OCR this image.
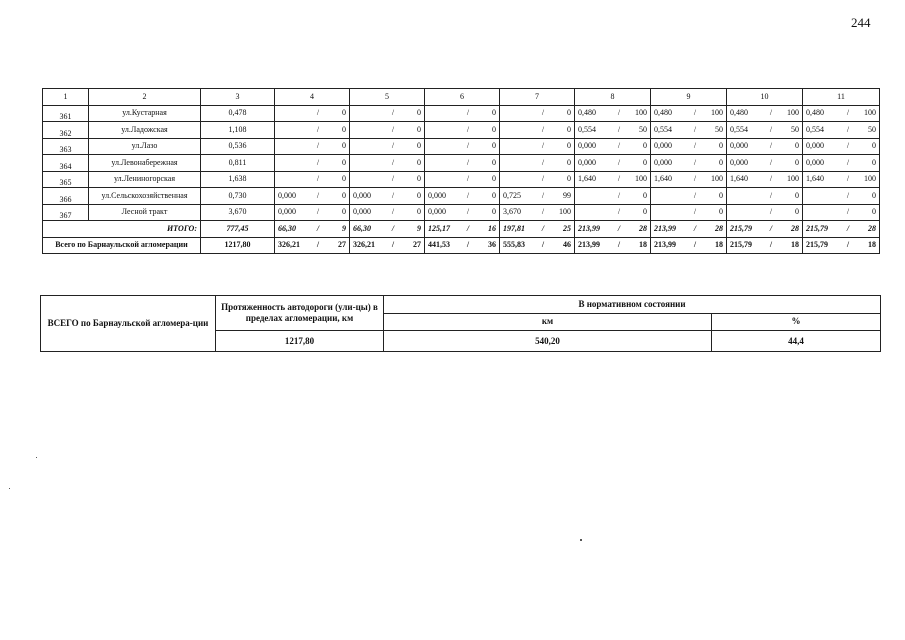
244
1	2	3	4	5	6	7	8	9	10	11
361	ул.Кустарная	0,478	/ 0	/ 0	/ 0	/ 0	0,480 / 100	0,480 / 100	0,480 / 100	0,480 / 100

362	ул.Ладожская	1,108	/ 0	/ 0	/ 0	/ 0	0,554 / 50	0,554 / 50	0,554 / 50	0,554 / 50

363	ул.Лазо	0,536	/ 0	/ 0	/ 0	/ 0	0,000 / 0	0,000 / 0	0,000 / 0	0,000 / 0

364	ул.Левонабережная	0,811	/ 0	/ 0	/ 0	/ 0	0,000 / 0	0,000 / 0	0,000 / 0	0,000 / 0

365	ул.Лениногорская	1,638	/ 0	/ 0	/ 0	/ 0	1,640 / 100	1,640 / 100	1,640 / 100	1,640 / 100

366	ул.Сельскохозяйственная	0,730	0,000 / 0	0,000 / 0	0,000 / 0	0,725 / 99	/ 0	/ 0	/ 0	/ 0

367	Лесной тракт	3,670	0,000 / 0	0,000 / 0	0,000 / 0	3,670 / 100	/ 0	/ 0	/ 0	/ 0

ИТОГО:		777,45	66,30 / 9	66,30 / 9	125,17 / 16	197,81 / 25	213,99 / 28	213,99 / 28	215,79 / 28	215,79 / 28

Всего по Барнаульской агломерации		1217,80	326,21 / 27	326,21 / 27	441,53 / 36	555,83 / 46	213,99 / 18	213,99 / 18	215,79 / 18	215,79 / 18
ВСЕГО по Барнаульской агломера-ции	Протяженность автодороги (ули-цы) в пределах агломерации, км	В нормативном состоянии	
		км	%
	1217,80	540,20	44,4
